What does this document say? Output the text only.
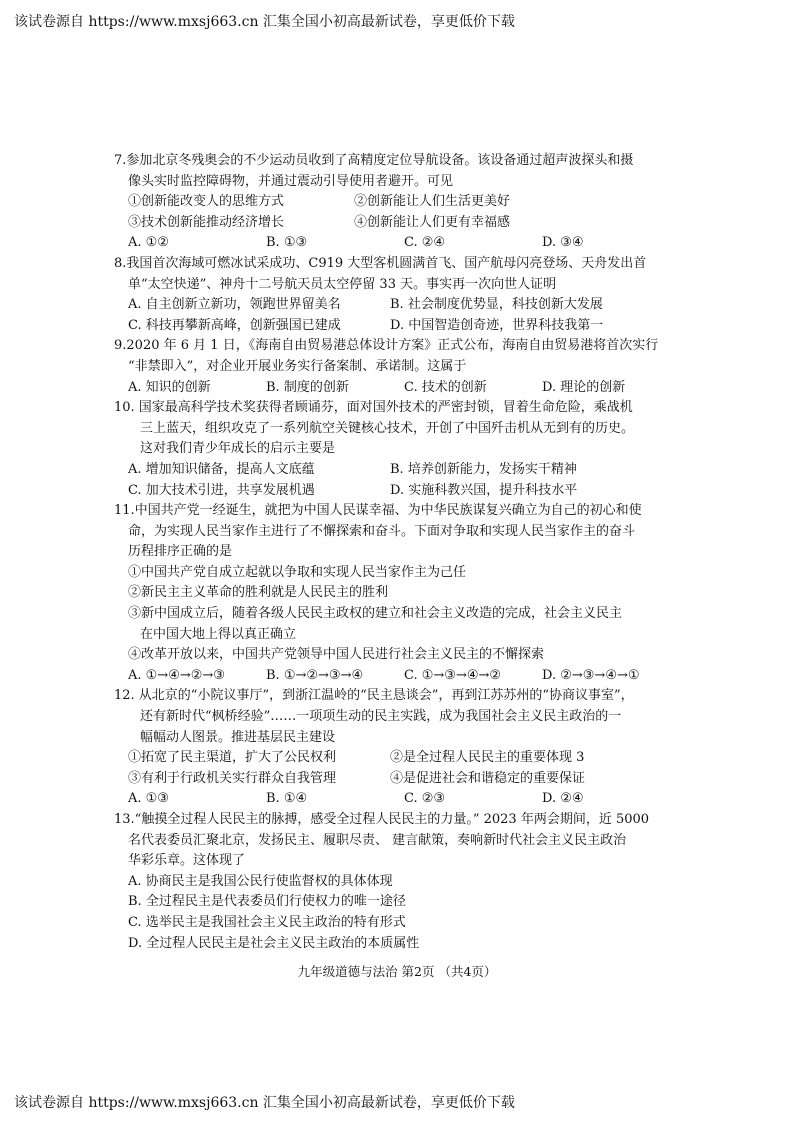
该试卷源自 https://www.mxsj663.cn 汇集全国小初高最新试卷，享更低价下载
7.参加北京冬残奥会的不少运动员收到了高精度定位导航设备。该设备通过超声波探头和摄
像头实时监控障碍物，并通过震动引导使用者避开。可见
①创新能改变人的思维方式	②创新能让人们生活更美好
③技术创新能推动经济增长	④创新能让人们更有幸福感
A. ①②	B. ①③	C. ②④	D. ③④
8.我国首次海域可燃冰试采成功、C919 大型客机圆满首飞、国产航母闪亮登场、天舟发出首
单“太空快递”、神舟十二号航天员太空停留 33 天。事实再一次向世人证明
A. 自主创新立新功，领跑世界留美名	B. 社会制度优势显，科技创新大发展
C. 科技再攀新高峰，创新强国已建成	D. 中国智造创奇迹，世界科技我第一
9.2020 年 6 月 1 日，《海南自由贸易港总体设计方案》正式公布，海南自由贸易港将首次实行
“非禁即入”，对企业开展业务实行备案制、承诺制。这属于
A. 知识的创新	B. 制度的创新	C. 技术的创新	D. 理论的创新
10. 国家最高科学技术奖获得者顾诵芬，面对国外技术的严密封锁，冒着生命危险，乘战机
三上蓝天，组织攻克了一系列航空关键核心技术，开创了中国歼击机从无到有的历史。
这对我们青少年成长的启示主要是
A. 增加知识储备，提高人文底蕴	B. 培养创新能力，发扬实干精神
C. 加大技术引进，共享发展机遇	D. 实施科教兴国，提升科技水平
11.中国共产党一经诞生，就把为中国人民谋幸福、为中华民族谋复兴确立为自己的初心和使
命，为实现人民当家作主进行了不懈探索和奋斗。下面对争取和实现人民当家作主的奋斗
历程排序正确的是
①中国共产党自成立起就以争取和实现人民当家作主为己任
②新民主主义革命的胜利就是人民民主的胜利
③新中国成立后，随着各级人民民主政权的建立和社会主义改造的完成，社会主义民主
在中国大地上得以真正确立
④改革开放以来，中国共产党领导中国人民进行社会主义民主的不懈探索
A. ①→④→②→③	B. ①→②→③→④	C. ①→③→④→②	D. ②→③→④→①
12. 从北京的“小院议事厅”，到浙江温岭的“民主恳谈会”，再到江苏苏州的“协商议事室”，
还有新时代“枫桥经验”……一项项生动的民主实践，成为我国社会主义民主政治的一
幅幅动人图景。推进基层民主建设
①拓宽了民主渠道，扩大了公民权利	②是全过程人民民主的重要体现 3
③有利于行政机关实行群众自我管理	④是促进社会和谐稳定的重要保证
A. ①③	B. ①④	C. ②③	D. ②④
13.“触摸全过程人民民主的脉搏，感受全过程人民民主的力量。” 2023 年两会期间，近 5000
名代表委员汇聚北京，发扬民主、履职尽责、 建言献策，奏响新时代社会主义民主政治
华彩乐章。这体现了
A. 协商民主是我国公民行使监督权的具体体现
B. 全过程民主是代表委员们行使权力的唯一途径
C. 选举民主是我国社会主义民主政治的特有形式
D. 全过程人民民主是社会主义民主政治的本质属性
九年级道德与法治 第2页 （共4页）
该试卷源自 https://www.mxsj663.cn 汇集全国小初高最新试卷，享更低价下载
